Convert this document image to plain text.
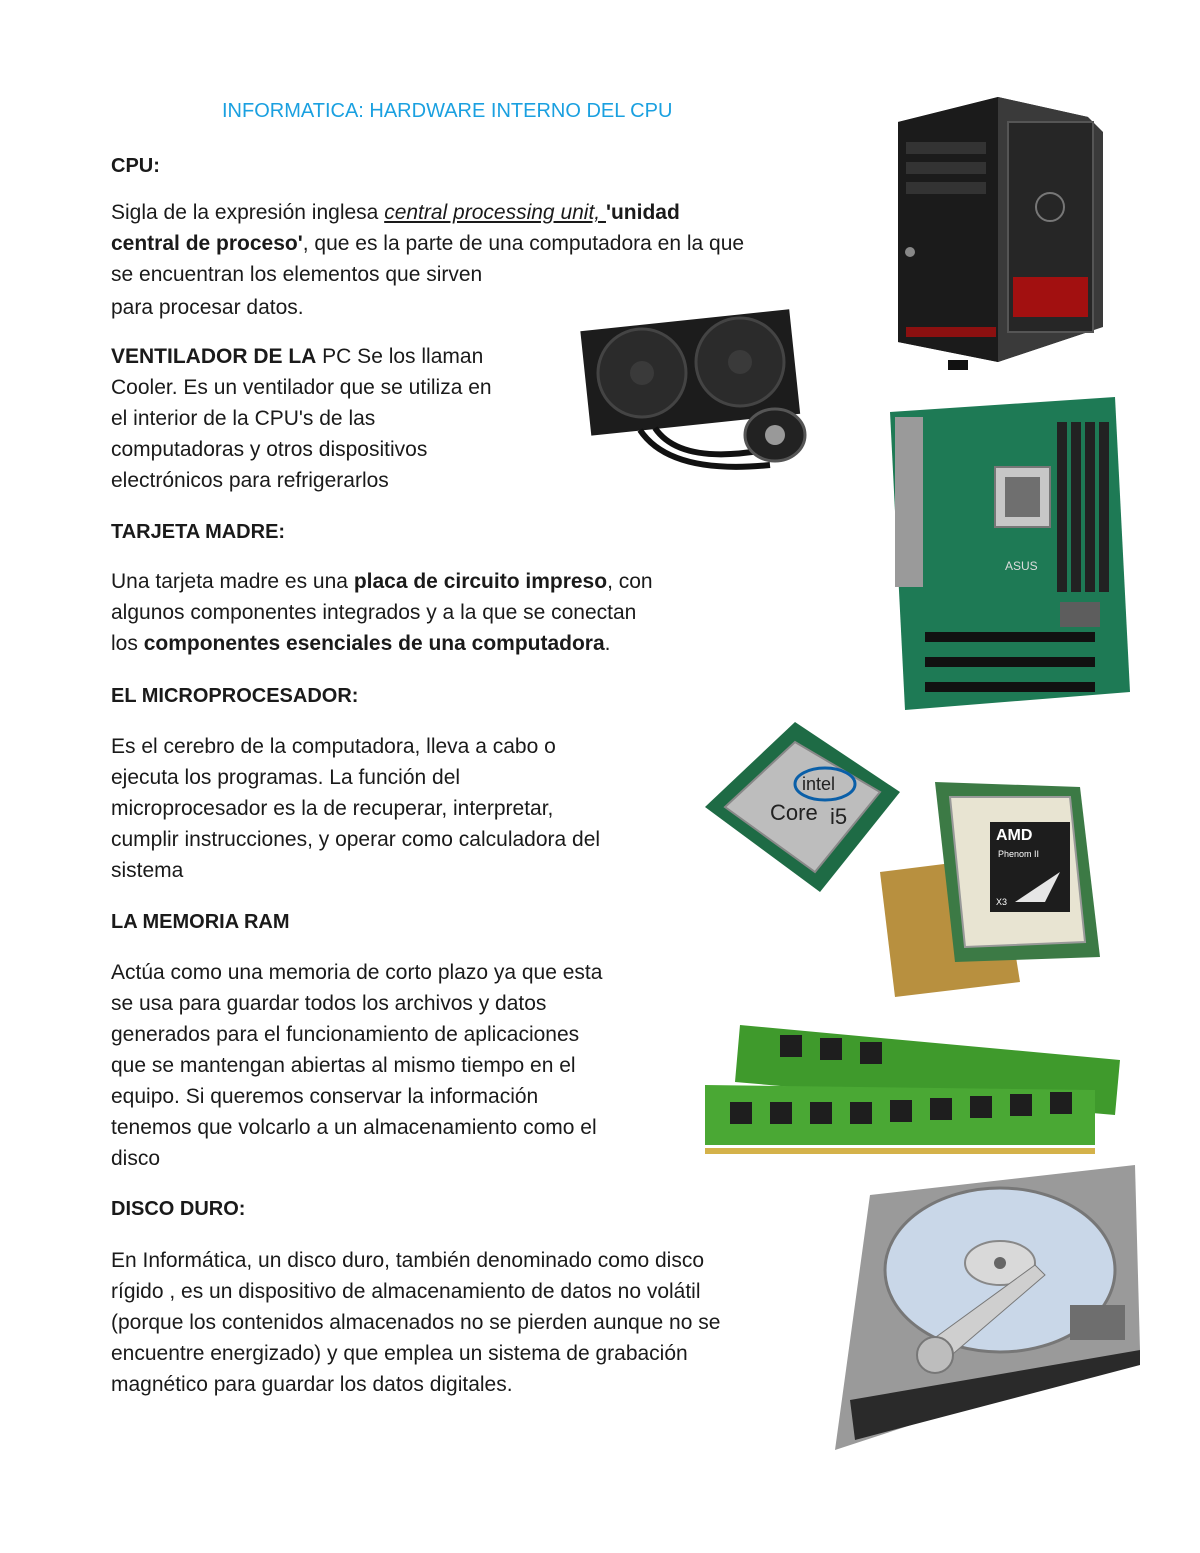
INFORMATICA: HARDWARE INTERNO DEL CPU
CPU:
Sigla de la expresión inglesa central processing unit, 'unidad
central de proceso', que es la parte de una computadora en la que
se encuentran los elementos que sirven
para procesar datos.
VENTILADOR DE LA PC Se los llaman
Cooler. Es un ventilador que se utiliza en
el interior de la CPU's de las
computadoras y otros dispositivos
electrónicos para refrigerarlos
TARJETA MADRE:
Una tarjeta madre es una placa de circuito impreso, con
algunos componentes integrados y a la que se conectan
los componentes esenciales de una computadora.
EL MICROPROCESADOR:
Es el cerebro de la computadora, lleva a cabo o
ejecuta los programas. La función del
microprocesador es la de recuperar, interpretar,
cumplir instrucciones, y operar como calculadora del
sistema
LA MEMORIA RAM
Actúa como una memoria de corto plazo ya que esta
se usa para guardar todos los archivos y datos
generados para el funcionamiento de aplicaciones
que se mantengan abiertas al mismo tiempo en el
equipo. Si queremos conservar la información
tenemos que volcarlo a un almacenamiento como el
disco
DISCO DURO:
En Informática, un disco duro, también denominado como disco
rígido , es un dispositivo de almacenamiento de datos no volátil
(porque los contenidos almacenados no se pierden aunque no se
encuentre energizado) y que emplea un sistema de grabación
magnético para guardar los datos digitales.
ASUS
intel
Core i5
AMD
Phenom II
X3
